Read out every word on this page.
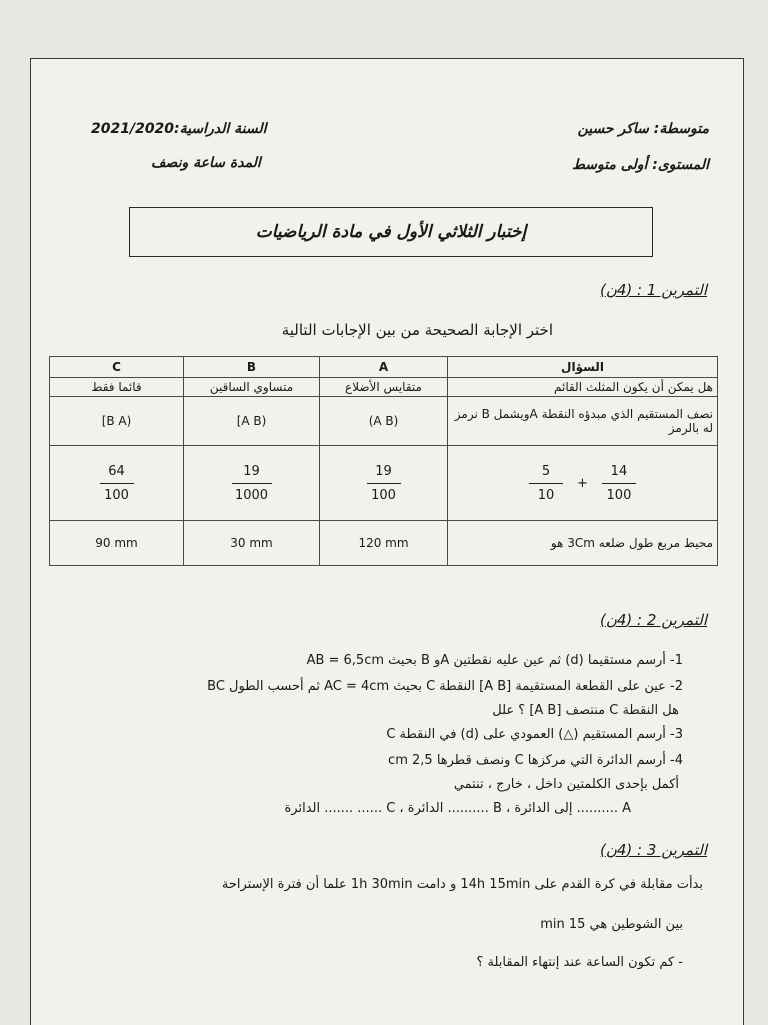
متوسطة: ساكر حسين
المستوى: أولى متوسط
السنة الدراسية:2021/2020
المدة ساعة ونصف
إختبار الثلاثي الأول في مادة الرياضيات
التمرين 1 : (4ن)
اختر الإجابة الصحيحة من بين الإجابات التالية
C	B	A	السؤال
قائما فقط	متساوي الساقين	متقايس الأضلاع	هل يمكن أن يكون المثلث القائم
[B A)	[A B)	(A B)	نصف المستقيم الذي مبدؤه النقطة Aويشمل B نرمز له بالرمز

$\frac{64}{100}$	$\frac{19}{1000}$	$\frac{19}{100}$	$\frac{5}{10} + \frac{14}{100}$

90 mm	30 mm	120 mm	محيط مربع طول ضلعه 3Cm هو
التمرين 2 : (4ن)
1- أرسم مستقيما (d) ثم عين عليه نقطتين Aو B بحيث AB = 6,5cm
2- عين على القطعة المستقيمة [A B] النقطة C بحيث AC = 4cm ثم أحسب الطول BC
هل النقطة C منتصف [A B] ؟ علل
3- أرسم المستقيم (△) العمودي على (d) في النقطة C
4- أرسم الدائرة التي مركزها C ونصف قطرها 2,5 cm
أكمل بإحدى الكلمتين داخل ، خارج ، تنتمي
A .......... إلى الدائرة ، B .......... الدائرة ، C ...... ....... الدائرة
التمرين 3 : (4ن)
بدأت مقابلة في كرة القدم على 14h 15min و دامت 1h 30min علما أن فترة الإستراحة
بين الشوطين هي 15 min
- كم تكون الساعة عند إنتهاء المقابلة ؟
